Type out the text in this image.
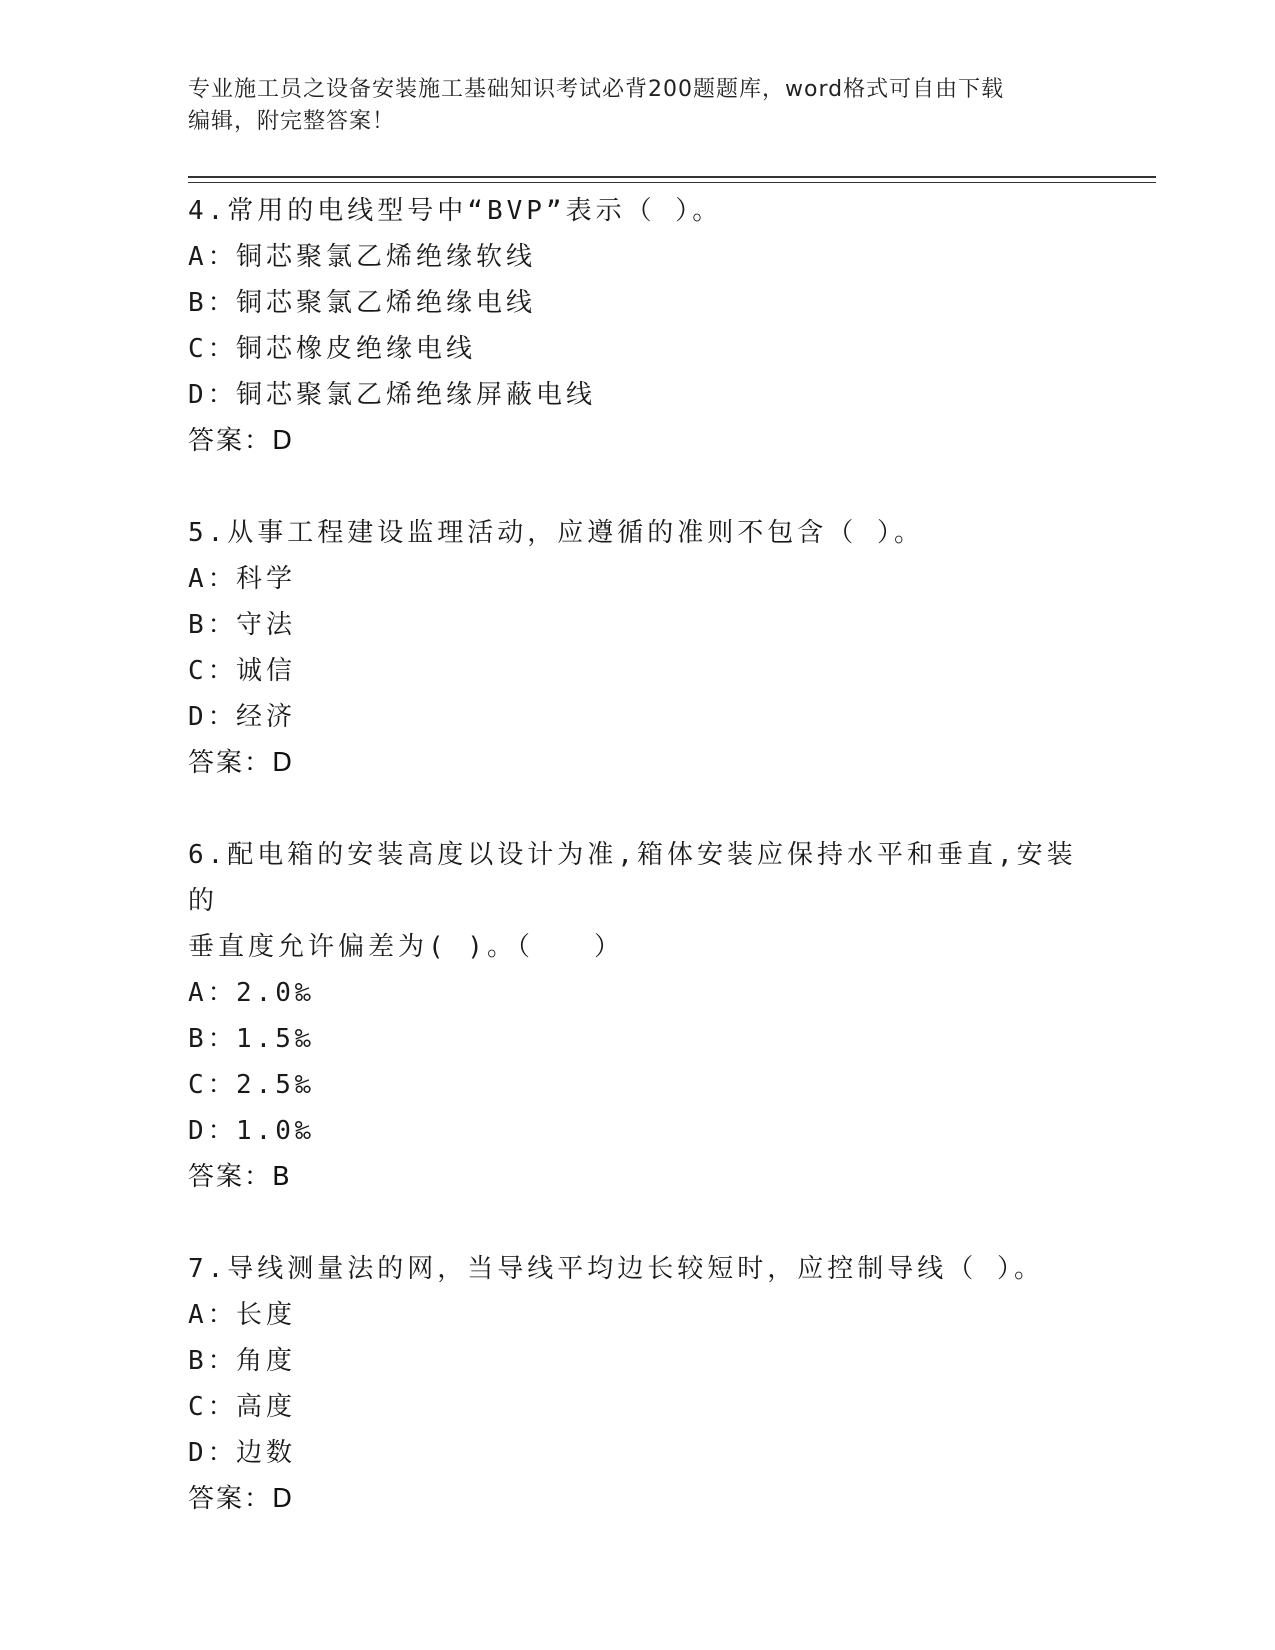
专业施工员之设备安装施工基础知识考试必背200题题库，word格式可自由下载
编辑，附完整答案！
4.常用的电线型号中“BVP”表示（ ）。
A：
铜芯聚氯乙烯绝缘软线
B：
铜芯聚氯乙烯绝缘电线
C：
铜芯橡皮绝缘电线
D：
铜芯聚氯乙烯绝缘屏蔽电线
答案：D
5.从事工程建设监理活动，应遵循的准则不包含（ ）。
A：
科学
B：
守法
C：
诚信
D：
经济
答案：D
6.配电箱的安装高度以设计为准,箱体安装应保持水平和垂直,安装的
垂直度允许偏差为( )。（　　）
A：
2.0‰
B：
1.5‰
C：
2.5‰
D：
1.0‰
答案：B
7.导线测量法的网，当导线平均边长较短时，应控制导线（ ）。
A：
长度
B：
角度
C：
高度
D：
边数
答案：D
